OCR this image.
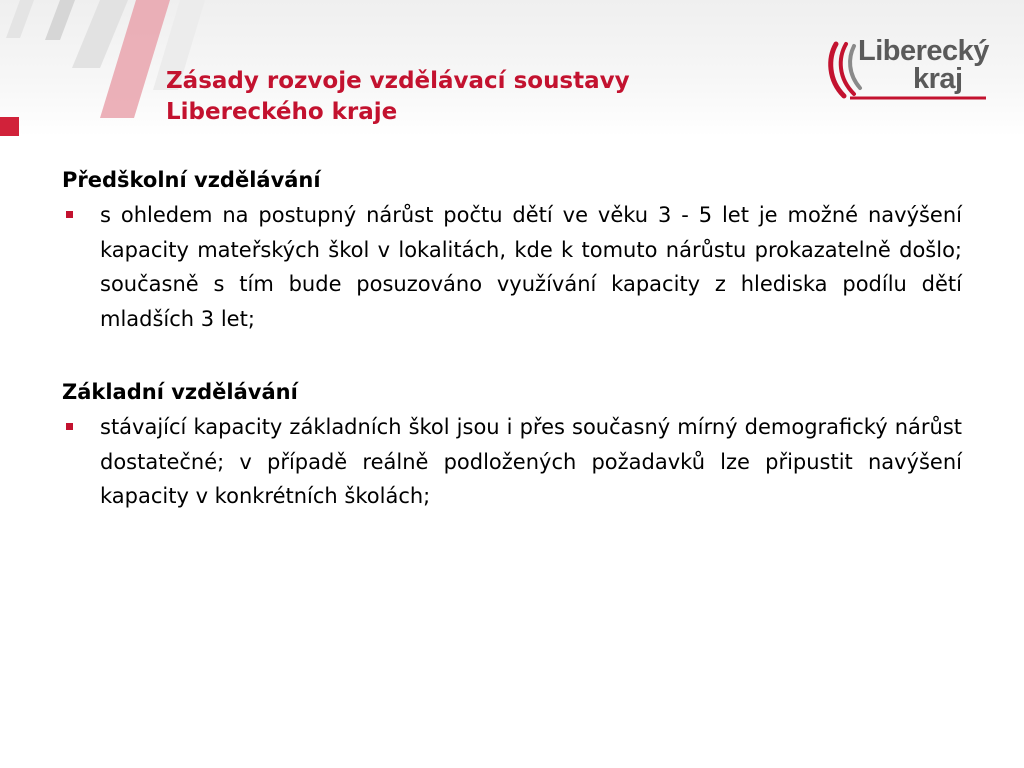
Zásady rozvoje vzdělávací soustavy
Libereckého kraje
Liberecký
kraj

Předškolní vzdělávání

s ohledem na postupný nárůst počtu dětí ve věku 3 - 5 let je možné navýšení kapacity mateřských škol v lokalitách, kde k tomuto nárůstu prokazatelně došlo; současně s tím bude posuzováno využívání kapacity z hlediska podílu dětí mladších 3 let;

Základní vzdělávání

stávající kapacity základních škol jsou i přes současný mírný demografický nárůst dostatečné; v případě reálně podložených požadavků lze připustit navýšení kapacity v konkrétních školách;
